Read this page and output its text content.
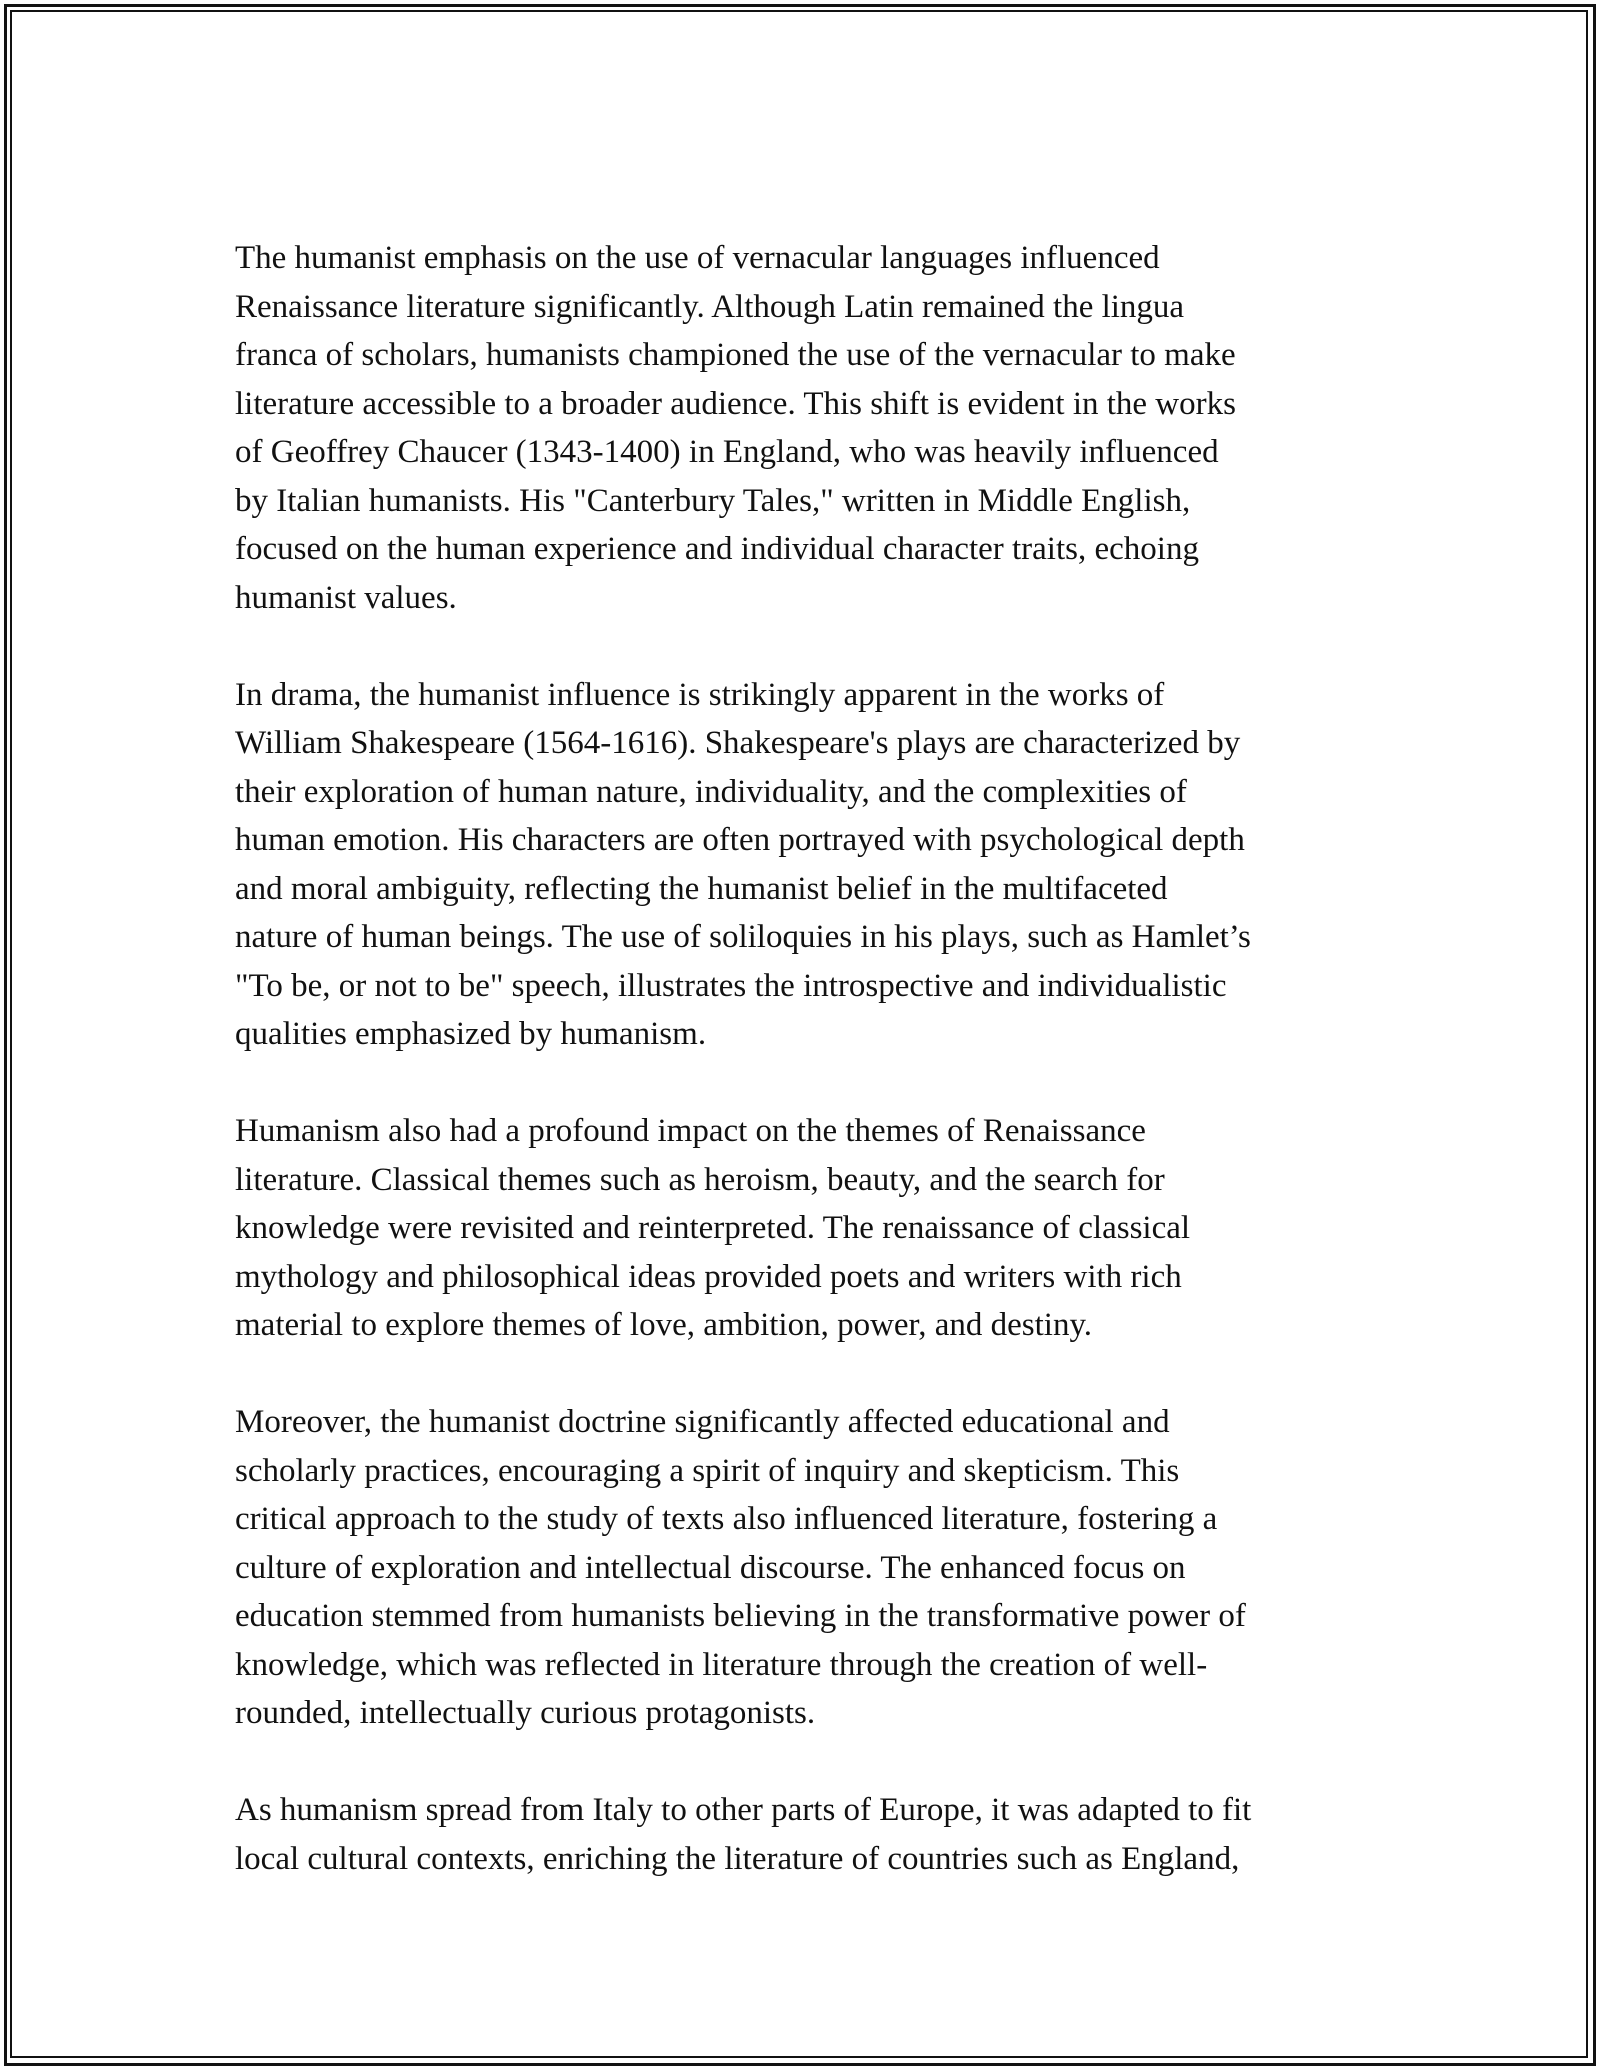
The humanist emphasis on the use of vernacular languages influenced
Renaissance literature significantly. Although Latin remained the lingua
franca of scholars, humanists championed the use of the vernacular to make
literature accessible to a broader audience. This shift is evident in the works
of Geoffrey Chaucer (1343-1400) in England, who was heavily influenced
by Italian humanists. His "Canterbury Tales," written in Middle English,
focused on the human experience and individual character traits, echoing
humanist values.

In drama, the humanist influence is strikingly apparent in the works of
William Shakespeare (1564-1616). Shakespeare's plays are characterized by
their exploration of human nature, individuality, and the complexities of
human emotion. His characters are often portrayed with psychological depth
and moral ambiguity, reflecting the humanist belief in the multifaceted
nature of human beings. The use of soliloquies in his plays, such as Hamlet’s
"To be, or not to be" speech, illustrates the introspective and individualistic
qualities emphasized by humanism.

Humanism also had a profound impact on the themes of Renaissance
literature. Classical themes such as heroism, beauty, and the search for
knowledge were revisited and reinterpreted. The renaissance of classical
mythology and philosophical ideas provided poets and writers with rich
material to explore themes of love, ambition, power, and destiny.

Moreover, the humanist doctrine significantly affected educational and
scholarly practices, encouraging a spirit of inquiry and skepticism. This
critical approach to the study of texts also influenced literature, fostering a
culture of exploration and intellectual discourse. The enhanced focus on
education stemmed from humanists believing in the transformative power of
knowledge, which was reflected in literature through the creation of well-
rounded, intellectually curious protagonists.

As humanism spread from Italy to other parts of Europe, it was adapted to fit
local cultural contexts, enriching the literature of countries such as England,
